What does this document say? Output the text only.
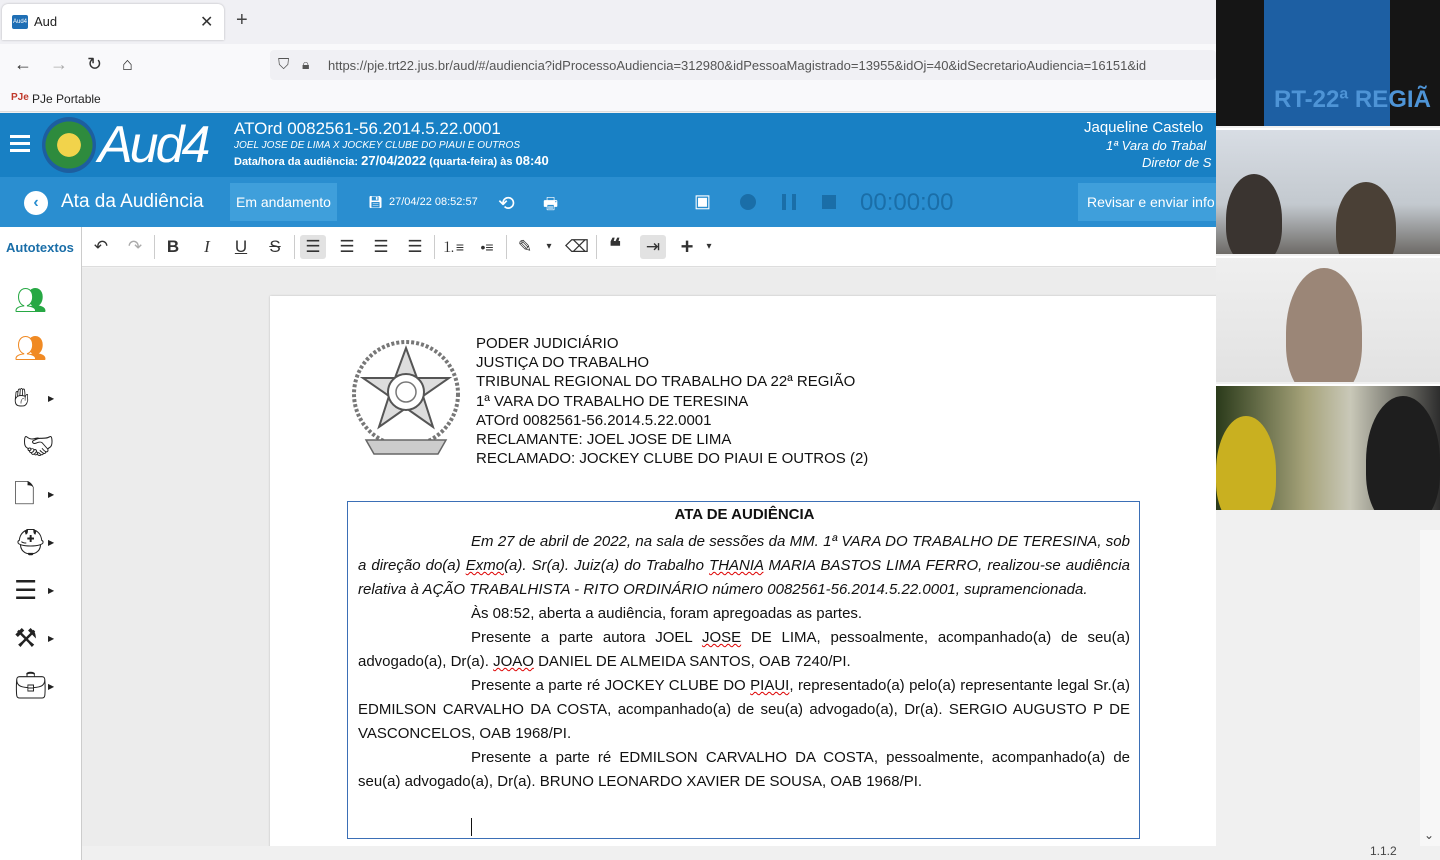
Aud4 Aud	✕ +
← → ↻ ⌂	⛉ 🔒︎ https://pje.trt22.jus.br/aud/#/audiencia?idProcessoAudiencia=312980&idPessoaMagistrado=13955&idOj=40&idSecretarioAudiencia=16151&id
PJe PJe Portable
Aud4 ATOrd 0082561-56.2014.5.22.0001
JOEL JOSE DE LIMA X JOCKEY CLUBE DO PIAUI E OUTROS
Data/hora da audiência: 27/04/2022 (quarta-feira) às 08:40
Jaqueline Castelo
1ª Vara do Trabal
Diretor de S
‹	Ata da Audiência	Em andamento	💾︎ 27/04/22 08:52:57 ⟲ 🖶	▣	00:00:00	Revisar e enviar info
Autotextos
👥︎
👥︎
✋︎ ▶
🤝︎
🗋 ▶
⛑︎ ▶
☰ ▶
⚒︎ ▶
💼︎ ▶
↶	↷	B	I	U	S	☰	☰	☰	☰	⒈≡	•≡	✎	▾ ⌫ ❝	⇥ +	▾
PODER JUDICIÁRIO
JUSTIÇA DO TRABALHO
TRIBUNAL REGIONAL DO TRABALHO DA 22ª REGIÃO
1ª VARA DO TRABALHO DE TERESINA
ATOrd 0082561-56.2014.5.22.0001
RECLAMANTE: JOEL JOSE DE LIMA
RECLAMADO: JOCKEY CLUBE DO PIAUI E OUTROS (2)
ATA DE AUDIÊNCIA

Em 27 de abril de 2022, na sala de sessões da MM. 1ª VARA DO TRABALHO DE TERESINA, sob a direção do(a) Exmo(a). Sr(a). Juiz(a) do Trabalho THANIA MARIA BASTOS LIMA FERRO, realizou-se audiência relativa à AÇÃO TRABALHISTA - RITO ORDINÁRIO número 0082561-56.2014.5.22.0001, supramencionada.

Às 08:52, aberta a audiência, foram apregoadas as partes.

Presente a parte autora JOEL JOSE DE LIMA, pessoalmente, acompanhado(a) de seu(a) advogado(a), Dr(a). JOAO DANIEL DE ALMEIDA SANTOS, OAB 7240/PI.

Presente a parte ré JOCKEY CLUBE DO PIAUI, representado(a) pelo(a) representante legal Sr.(a) EDMILSON CARVALHO DA COSTA, acompanhado(a) de seu(a) advogado(a), Dr(a). SERGIO AUGUSTO P DE VASCONCELOS, OAB 1968/PI.

Presente a parte ré EDMILSON CARVALHO DA COSTA, pessoalmente, acompanhado(a) de seu(a) advogado(a), Dr(a). BRUNO LEONARDO XAVIER DE SOUSA, OAB 1968/PI.

RT-22ª REGIÃ
⌄
1.1.2
